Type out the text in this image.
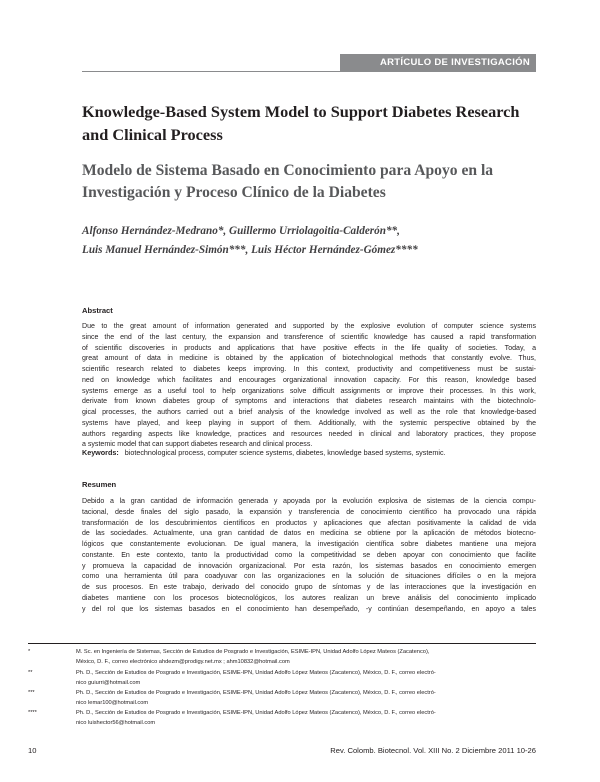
ARTÍCULO DE INVESTIGACIÓN
Knowledge-Based System Model to Support Diabetes Research
and Clinical Process
Modelo de Sistema Basado en Conocimiento para Apoyo en la
Investigación y Proceso Clínico de la Diabetes
Alfonso Hernández-Medrano*, Guillermo Urriolagoitia-Calderón**,
Luis Manuel Hernández-Simón***, Luis Héctor Hernández-Gómez****
Abstract
Due to the great amount of information generated and supported by the explosive evolution of computer science systems
since the end of the last century, the expansion and transference of scientific knowledge has caused a rapid transformation
of scientific discoveries in products and applications that have positive effects in the life quality of societies. Today, a
great amount of data in medicine is obtained by the application of biotechnological methods that constantly evolve. Thus,
scientific research related to diabetes keeps improving. In this context, productivity and competitiveness must be sustai-
ned on knowledge which facilitates and encourages organizational innovation capacity. For this reason, knowledge based
systems emerge as a useful tool to help organizations solve difficult assignments or improve their processes. In this work,
derivate from known diabetes group of symptoms and interactions that diabetes research maintains with the biotechnolo-
gical processes, the authors carried out a brief analysis of the knowledge involved as well as the role that knowledge-based
systems have played, and keep playing in support of them. Additionally, with the systemic perspective obtained by the
authors regarding aspects like knowledge, practices and resources needed in clinical and laboratory practices, they propose
a systemic model that can support diabetes research and clinical process.
Keywords: biotechnological process, computer science systems, diabetes, knowledge based systems, systemic.
Resumen
Debido a la gran cantidad de información generada y apoyada por la evolución explosiva de sistemas de la ciencia compu-
tacional, desde finales del siglo pasado, la expansión y transferencia de conocimiento científico ha provocado una rápida
transformación de los descubrimientos científicos en productos y aplicaciones que afectan positivamente la calidad de vida
de las sociedades. Actualmente, una gran cantidad de datos en medicina se obtiene por la aplicación de métodos biotecno-
lógicos que constantemente evolucionan. De igual manera, la investigación científica sobre diabetes mantiene una mejora
constante. En este contexto, tanto la productividad como la competitividad se deben apoyar con conocimiento que facilite
y promueva la capacidad de innovación organizacional. Por esta razón, los sistemas basados en conocimiento emergen
como una herramienta útil para coadyuvar con las organizaciones en la solución de situaciones difíciles o en la mejora
de sus procesos. En este trabajo, derivado del conocido grupo de síntomas y de las interacciones que la investigación en
diabetes mantiene con los procesos biotecnológicos, los autores realizan un breve análisis del conocimiento implicado
y del rol que los sistemas basados en el conocimiento han desempeñado, -y continúan desempeñando, en apoyo a tales
*	M. Sc. en Ingeniería de Sistemas, Sección de Estudios de Posgrado e Investigación, ESIME-IPN, Unidad Adolfo López Mateos (Zacatenco),
México, D. F., correo electrónico ahdezm@prodigy.net.mx ; ahm10832@hotmail.com
**	Ph. D., Sección de Estudios de Posgrado e Investigación, ESIME-IPN, Unidad Adolfo López Mateos (Zacatenco), México, D. F., correo electró-
nico guiurri@hotmail.com
***	Ph. D., Sección de Estudios de Posgrado e Investigación, ESIME-IPN, Unidad Adolfo López Mateos (Zacatenco), México, D. F., correo electró-
nico lemar100@hotmail.com
****	Ph. D., Sección de Estudios de Posgrado e Investigación, ESIME-IPN, Unidad Adolfo López Mateos (Zacatenco), México, D. F., correo electró-
nico luishector56@hotmail.com
10	Rev. Colomb. Biotecnol. Vol. XIII No. 2 Diciembre 2011 10-26
